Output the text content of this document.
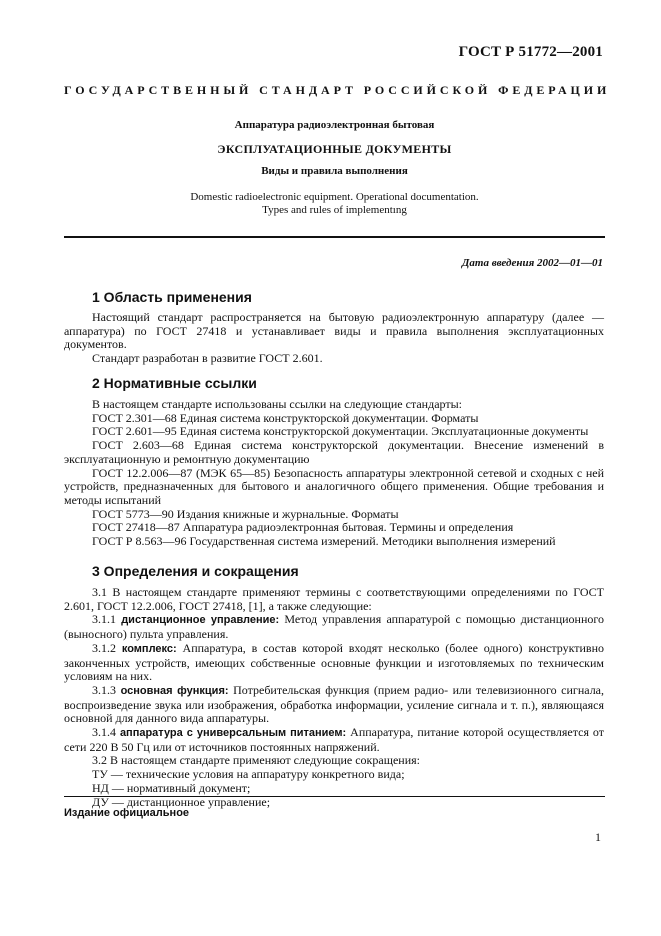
ГОСТ Р 51772—2001
ГОСУДАРСТВЕННЫЙ СТАНДАРТ РОССИЙСКОЙ ФЕДЕРАЦИИ
Аппаратура радиоэлектронная бытовая
ЭКСПЛУАТАЦИОННЫЕ ДОКУМЕНТЫ
Виды и правила выполнения
Domestic radioelectronic equipment. Operational documentation.
Types and rules of implementıng
Дата введения 2002—01—01
1 Область применения

Настоящий стандарт распространяется на бытовую радиоэлектронную аппаратуру (далее — аппаратура) по ГОСТ 27418 и устанавливает виды и правила выполнения эксплуатационных документов.

Стандарт разработан в развитие ГОСТ 2.601.

2 Нормативные ссылки

В настоящем стандарте использованы ссылки на следующие стандарты:

ГОСТ 2.301—68 Единая система конструкторской документации. Форматы

ГОСТ 2.601—95 Единая система конструкторской документации. Эксплуатационные документы

ГОСТ 2.603—68 Единая система конструкторской документации. Внесение изменений в эксплуатационную и ремонтную документацию

ГОСТ 12.2.006—87 (МЭК 65—85) Безопасность аппаратуры электронной сетевой и сходных с ней устройств, предназначенных для бытового и аналогичного общего применения. Общие требования и методы испытаний

ГОСТ 5773—90 Издания книжные и журнальные. Форматы

ГОСТ 27418—87 Аппаратура радиоэлектронная бытовая. Термины и определения

ГОСТ Р 8.563—96 Государственная система измерений. Методики выполнения измерений

3 Определения и сокращения

3.1 В настоящем стандарте применяют термины с соответствующими определениями по ГОСТ 2.601, ГОСТ 12.2.006, ГОСТ 27418, [1], а также следующие:

3.1.1 дистанционное управление: Метод управления аппаратурой с помощью дистанционного (выносного) пульта управления.

3.1.2 комплекс: Аппаратура, в состав которой входят несколько (более одного) конструктивно законченных устройств, имеющих собственные основные функции и изготовляемых по техническим условиям на них.

3.1.3 основная функция: Потребительская функция (прием радио- или телевизионного сигнала, воспроизведение звука или изображения, обработка информации, усиление сигнала и т. п.), являющаяся основной для данного вида аппаратуры.

3.1.4 аппаратура с универсальным питанием: Аппаратура, питание которой осуществляется от сети 220 В 50 Гц или от источников постоянных напряжений.

3.2 В настоящем стандарте применяют следующие сокращения:

ТУ — технические условия на аппаратуру конкретного вида;

НД — нормативный документ;

ДУ — дистанционное управление;

Издание официальное
1
